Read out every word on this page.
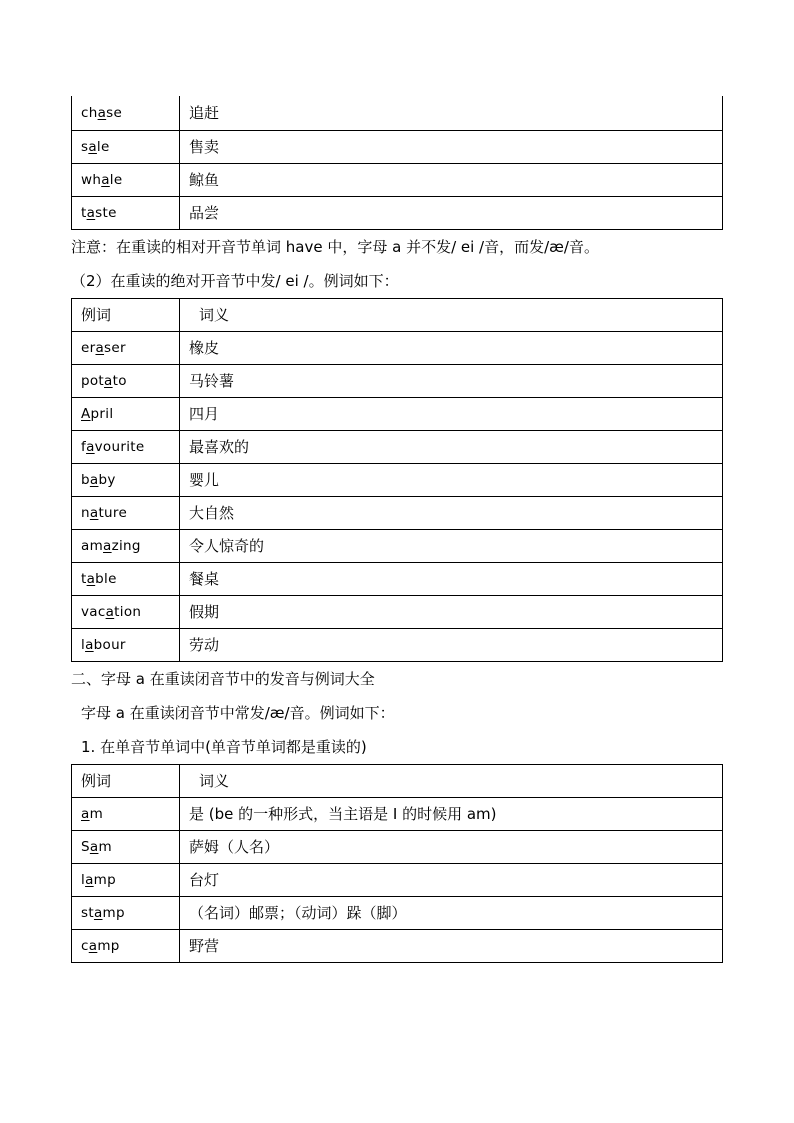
chase	追赶
sale	售卖
whale	鲸鱼
taste	品尝

注意：在重读的相对开音节单词 have 中，字母 a 并不发/ ei /音，而发/æ/音。

（2）在重读的绝对开音节中发/ ei /。例词如下：

例词	词义
eraser	橡皮
potato	马铃薯
April	四月
favourite	最喜欢的
baby	婴儿
nature	大自然
amazing	令人惊奇的
table	餐桌
vacation	假期
labour	劳动

二、字母 a 在重读闭音节中的发音与例词大全

字母 a 在重读闭音节中常发/æ/音。例词如下：

1. 在单音节单词中(单音节单词都是重读的)

例词	词义
am	是 (be 的一种形式，当主语是 I 的时候用 am)
Sam	萨姆（人名）
lamp	台灯
stamp	（名词）邮票；（动词）跺（脚）
camp	野营
